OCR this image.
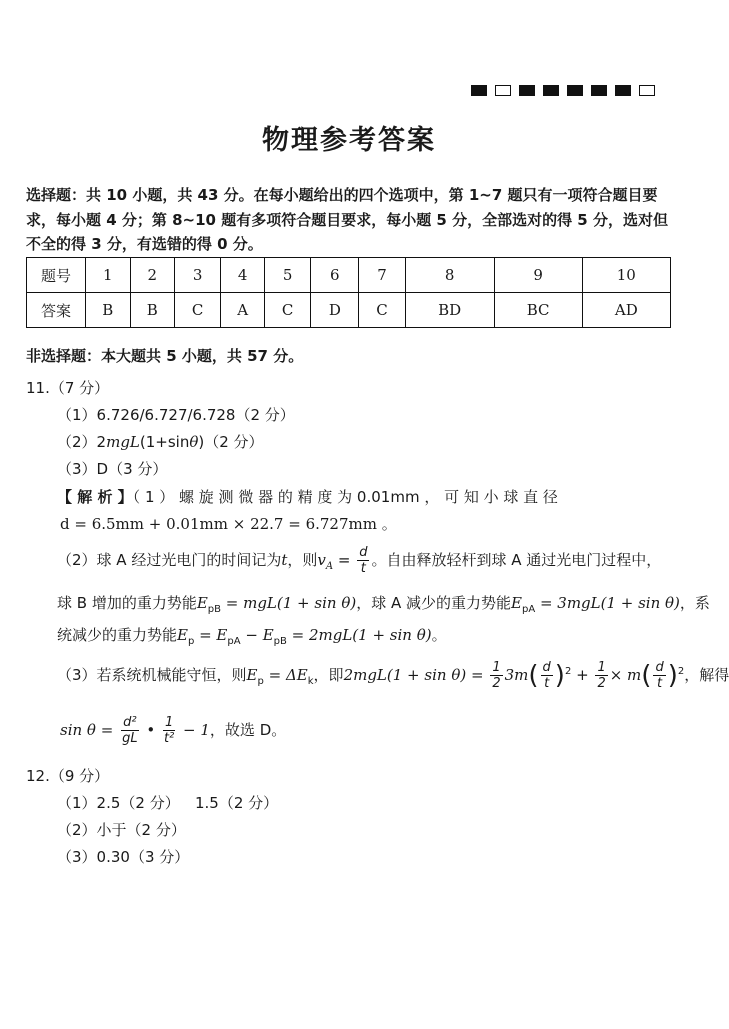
物理参考答案
选择题：共 10 小题，共 43 分。在每小题给出的四个选项中，第 1~7 题只有一项符合题目要求，每小题 4 分；第 8~10 题有多项符合题目要求，每小题 5 分，全部选对的得 5 分，选对但不全的得 3 分，有选错的得 0 分。
题号	1	2	3	4	5	6	7	8	9	10
答案	B	B	C	A	C	D	C	BD	BC	AD
非选择题：本大题共 5 小题，共 57 分。
11.（7 分）
（1）6.726/6.727/6.728（2 分）
（2）2mgL(1+sinθ)（2 分）
（3）D（3 分）
【 解 析 】（ 1 ） 螺 旋 测 微 器 的 精 度 为 0.01mm ， 可 知 小 球 直 径
d = 6.5mm + 0.01mm × 22.7 = 6.727mm 。
（2）球 A 经过光电门的时间记为t，则$v_A = \frac{d}{t}$ 。自由释放轻杆到球 A 通过光电门过程中，
球 B 增加的重力势能$E_{pB} = mgL(1 + \sin \theta)$，球 A 减少的重力势能$E_{pA} = 3mgL(1 + \sin \theta)$，系
统减少的重力势能$E_p = E_{pA} - E_{pB} = 2mgL(1 + \sin \theta)$。
（3）若系统机械能守恒，则$E_p = \Delta E_k$，即$2mgL(1 + \sin \theta) = \frac{1}{2} 3m( \frac{d}{t} )^2 + \frac{1}{2} \times m( \frac{d}{t} )^2$，解得
$\sin \theta = \frac{\text{d²}}{gL}$ • $\frac{1}{\text{t²}} - 1$，故选 D。
12.（9 分）
（1）2.5（2 分） 1.5（2 分）
（2）小于（2 分）
（3）0.30（3 分）
